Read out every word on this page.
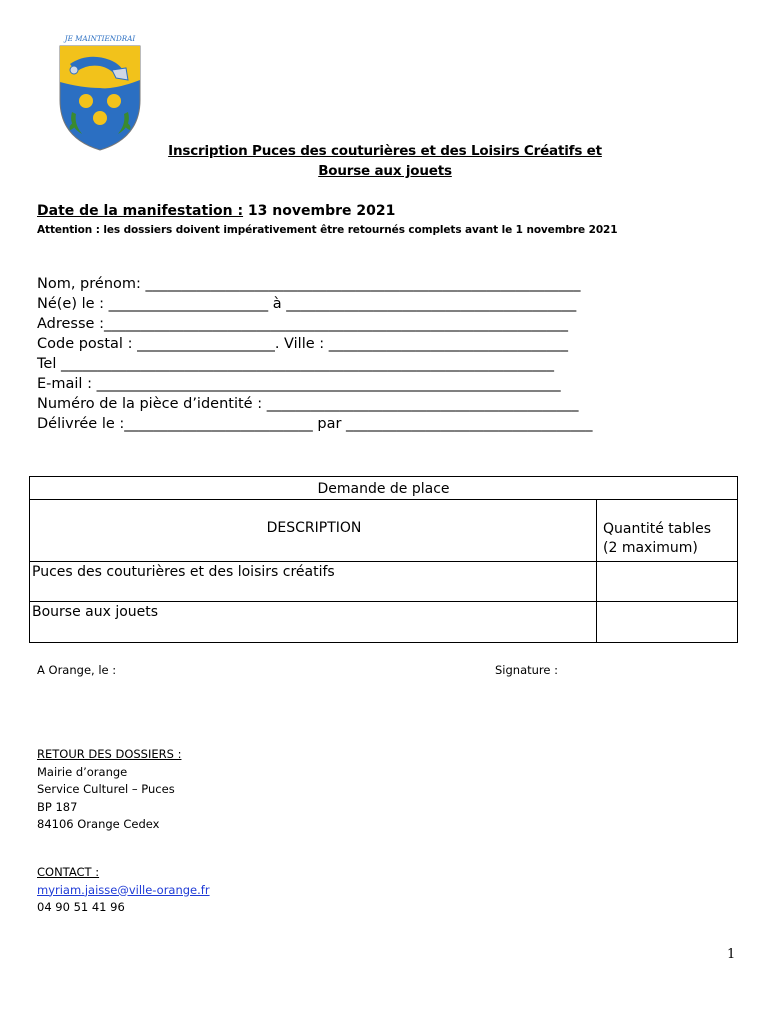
JE MAINTIENDRAI
Inscription Puces des couturières et des Loisirs Créatifs et
Bourse aux jouets
Date de la manifestation : 13 novembre 2021
Attention : les dossiers doivent impérativement être retournés complets avant le 1 novembre 2021
Nom, prénom: ____________________________________________________________
Né(e) le : ______________________ à ________________________________________
Adresse :________________________________________________________________
Code postal : ___________________. Ville : _________________________________
Tel ____________________________________________________________________
E-mail : ________________________________________________________________
Numéro de la pièce d’identité : ___________________________________________
Délivrée le :__________________________ par __________________________________
Demande de place
DESCRIPTION	Quantité tables
(2 maximum)
Puces des couturières et des loisirs créatifs
Bourse aux jouets
A Orange, le :	Signature :
RETOUR DES DOSSIERS :
Mairie d’orange
Service Culturel – Puces
BP 187
84106 Orange Cedex
CONTACT :
myriam.jaisse@ville-orange.fr
04 90 51 41 96
1
